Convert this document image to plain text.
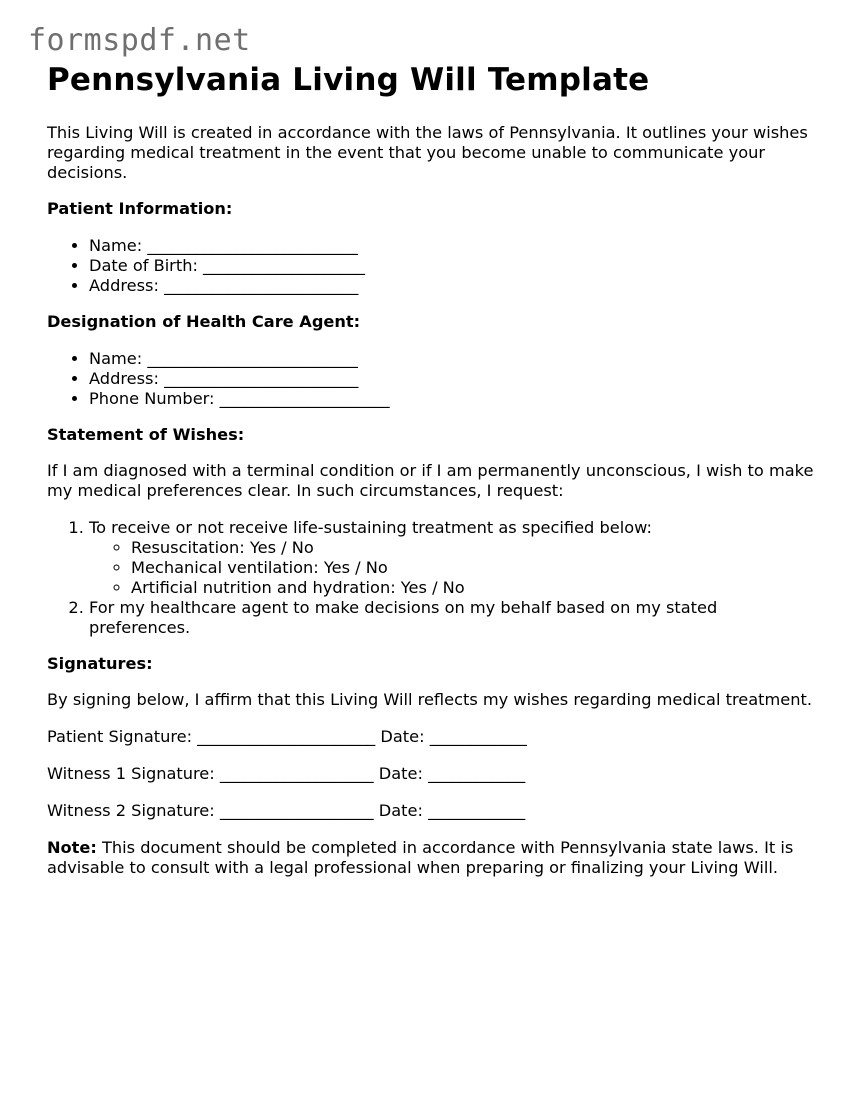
formspdf.net
Pennsylvania Living Will Template

This Living Will is created in accordance with the laws of Pennsylvania. It outlines your wishes regarding medical treatment in the event that you become unable to communicate your decisions.

Patient Information:

• Name: __________________________
• Date of Birth: ____________________
• Address: ________________________

Designation of Health Care Agent:

• Name: __________________________
• Address: ________________________
• Phone Number: _____________________

Statement of Wishes:

If I am diagnosed with a terminal condition or if I am permanently unconscious, I wish to make my medical preferences clear. In such circumstances, I request:

1. To receive or not receive life-sustaining treatment as specified below:
◦ Resuscitation: Yes / No
◦ Mechanical ventilation: Yes / No
◦ Artificial nutrition and hydration: Yes / No
2. For my healthcare agent to make decisions on my behalf based on my stated preferences.

Signatures:

By signing below, I affirm that this Living Will reflects my wishes regarding medical treatment.

Patient Signature: ______________________ Date: ____________

Witness 1 Signature: ___________________ Date: ____________

Witness 2 Signature: ___________________ Date: ____________

Note: This document should be completed in accordance with Pennsylvania state laws. It is advisable to consult with a legal professional when preparing or finalizing your Living Will.
